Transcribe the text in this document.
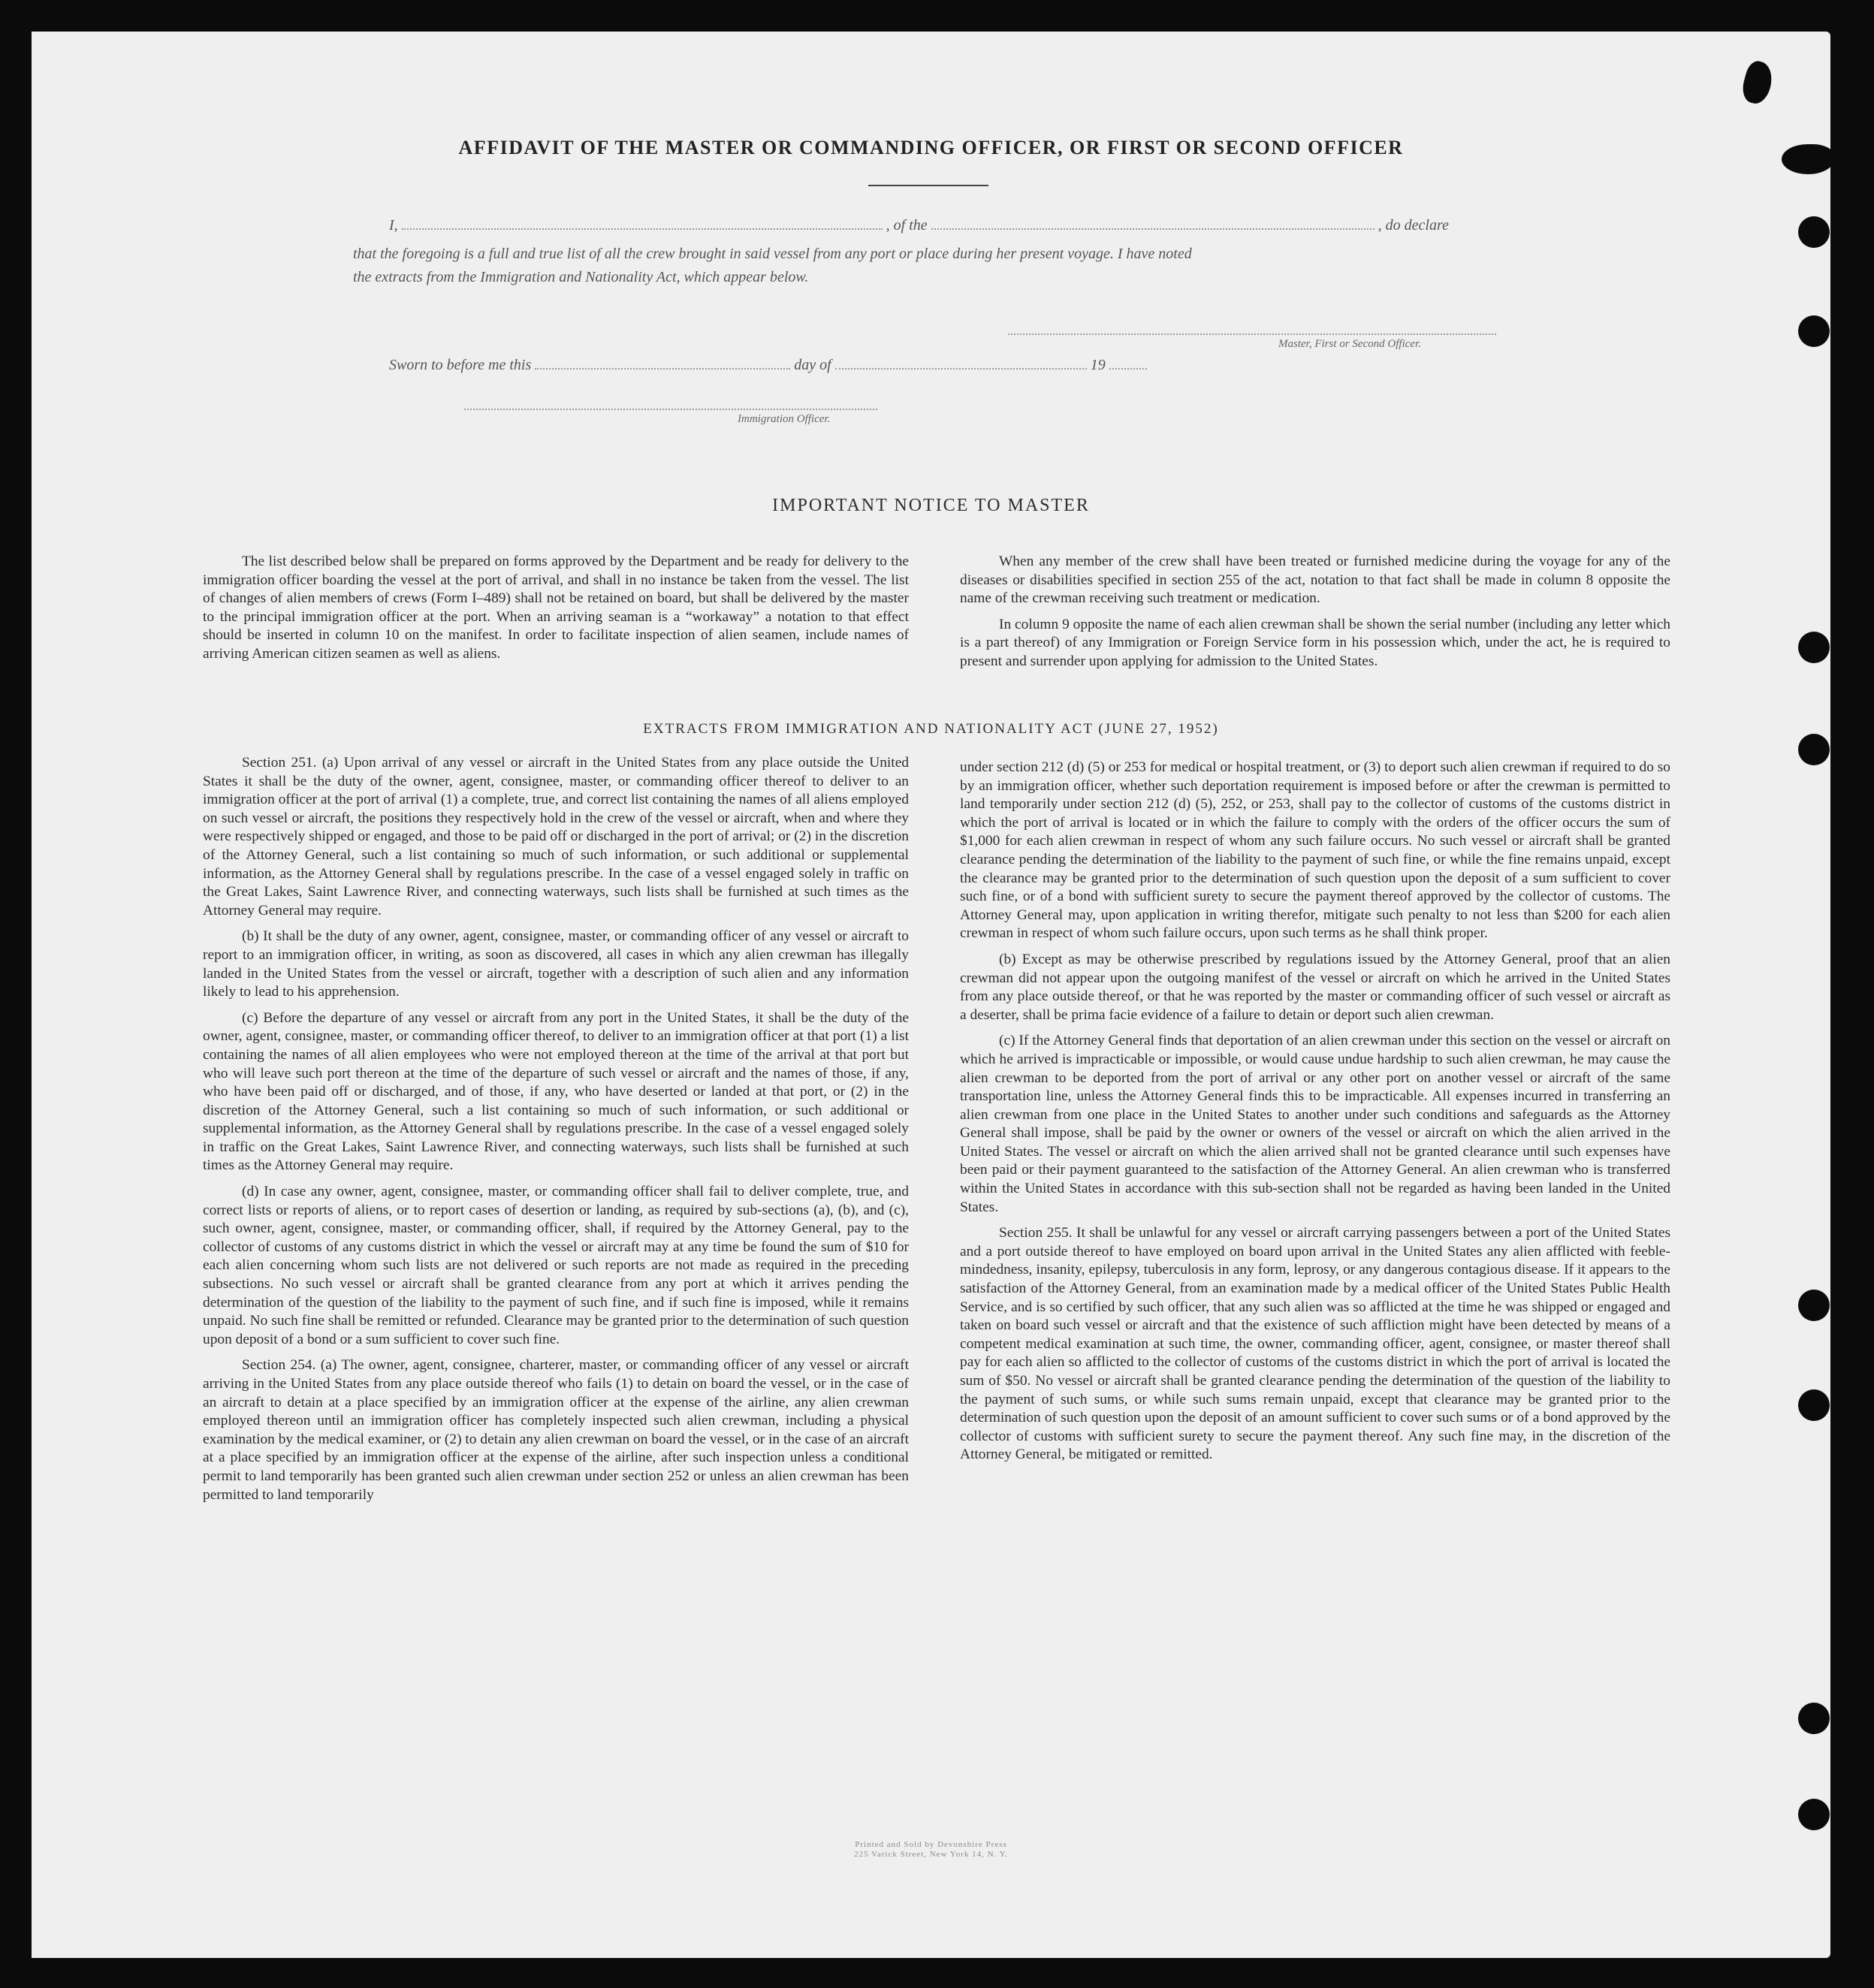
AFFIDAVIT OF THE MASTER OR COMMANDING OFFICER, OR FIRST OR SECOND OFFICER
I,	, of the	, do declare
that the foregoing is a full and true list of all the crew brought in said vessel from any port or place during her present voyage. I have noted
the extracts from the Immigration and Nationality Act, which appear below.
Master, First or Second Officer.
Sworn to before me this	day of	19
Immigration Officer.
IMPORTANT NOTICE TO MASTER

The list described below shall be prepared on forms approved by the Department and be ready for delivery to the immigration officer boarding the vessel at the port of arrival, and shall in no instance be taken from the vessel. The list of changes of alien members of crews (Form I–489) shall not be retained on board, but shall be delivered by the master to the principal immigration officer at the port. When an arriving seaman is a “workaway” a notation to that effect should be inserted in column 10 on the manifest. In order to facilitate inspection of alien seamen, include names of arriving American citizen seamen as well as aliens.

When any member of the crew shall have been treated or furnished medicine during the voyage for any of the diseases or disabilities specified in section 255 of the act, notation to that fact shall be made in column 8 opposite the name of the crewman receiving such treatment or medication.

In column 9 opposite the name of each alien crewman shall be shown the serial number (including any letter which is a part thereof) of any Immigration or Foreign Service form in his possession which, under the act, he is required to present and surrender upon applying for admission to the United States.

EXTRACTS FROM IMMIGRATION AND NATIONALITY ACT (JUNE 27, 1952)

Section 251. (a) Upon arrival of any vessel or aircraft in the United States from any place outside the United States it shall be the duty of the owner, agent, consignee, master, or commanding officer thereof to deliver to an immigration officer at the port of arrival (1) a complete, true, and correct list containing the names of all aliens employed on such vessel or aircraft, the positions they respectively hold in the crew of the vessel or aircraft, when and where they were respectively shipped or engaged, and those to be paid off or discharged in the port of arrival; or (2) in the discretion of the Attorney General, such a list containing so much of such information, or such additional or supplemental information, as the Attorney General shall by regulations prescribe. In the case of a vessel engaged solely in traffic on the Great Lakes, Saint Lawrence River, and connecting waterways, such lists shall be furnished at such times as the Attorney General may require.

(b) It shall be the duty of any owner, agent, consignee, master, or commanding officer of any vessel or aircraft to report to an immigration officer, in writing, as soon as discovered, all cases in which any alien crewman has illegally landed in the United States from the vessel or aircraft, together with a description of such alien and any information likely to lead to his apprehension.

(c) Before the departure of any vessel or aircraft from any port in the United States, it shall be the duty of the owner, agent, consignee, master, or commanding officer thereof, to deliver to an immigration officer at that port (1) a list containing the names of all alien employees who were not employed thereon at the time of the arrival at that port but who will leave such port thereon at the time of the departure of such vessel or aircraft and the names of those, if any, who have been paid off or discharged, and of those, if any, who have deserted or landed at that port, or (2) in the discretion of the Attorney General, such a list containing so much of such information, or such additional or supplemental information, as the Attorney General shall by regulations prescribe. In the case of a vessel engaged solely in traffic on the Great Lakes, Saint Lawrence River, and connecting waterways, such lists shall be furnished at such times as the Attorney General may require.

(d) In case any owner, agent, consignee, master, or commanding officer shall fail to deliver complete, true, and correct lists or reports of aliens, or to report cases of desertion or landing, as required by sub-sections (a), (b), and (c), such owner, agent, consignee, master, or commanding officer, shall, if required by the Attorney General, pay to the collector of customs of any customs district in which the vessel or aircraft may at any time be found the sum of $10 for each alien concerning whom such lists are not delivered or such reports are not made as required in the preceding subsections. No such vessel or aircraft shall be granted clearance from any port at which it arrives pending the determination of the question of the liability to the payment of such fine, and if such fine is imposed, while it remains unpaid. No such fine shall be remitted or refunded. Clearance may be granted prior to the determination of such question upon deposit of a bond or a sum sufficient to cover such fine.

Section 254. (a) The owner, agent, consignee, charterer, master, or commanding officer of any vessel or aircraft arriving in the United States from any place outside thereof who fails (1) to detain on board the vessel, or in the case of an aircraft to detain at a place specified by an immigration officer at the expense of the airline, any alien crewman employed thereon until an immigration officer has completely inspected such alien crewman, including a physical examination by the medical examiner, or (2) to detain any alien crewman on board the vessel, or in the case of an aircraft at a place specified by an immigration officer at the expense of the airline, after such inspection unless a conditional permit to land temporarily has been granted such alien crewman under section 252 or unless an alien crewman has been permitted to land temporarily

under section 212 (d) (5) or 253 for medical or hospital treatment, or (3) to deport such alien crewman if required to do so by an immigration officer, whether such deportation requirement is imposed before or after the crewman is permitted to land temporarily under section 212 (d) (5), 252, or 253, shall pay to the collector of customs of the customs district in which the port of arrival is located or in which the failure to comply with the orders of the officer occurs the sum of $1,000 for each alien crewman in respect of whom any such failure occurs. No such vessel or aircraft shall be granted clearance pending the determination of the liability to the payment of such fine, or while the fine remains unpaid, except the clearance may be granted prior to the determination of such question upon the deposit of a sum sufficient to cover such fine, or of a bond with sufficient surety to secure the payment thereof approved by the collector of customs. The Attorney General may, upon application in writing therefor, mitigate such penalty to not less than $200 for each alien crewman in respect of whom such failure occurs, upon such terms as he shall think proper.

(b) Except as may be otherwise prescribed by regulations issued by the Attorney General, proof that an alien crewman did not appear upon the outgoing manifest of the vessel or aircraft on which he arrived in the United States from any place outside thereof, or that he was reported by the master or commanding officer of such vessel or aircraft as a deserter, shall be prima facie evidence of a failure to detain or deport such alien crewman.

(c) If the Attorney General finds that deportation of an alien crewman under this section on the vessel or aircraft on which he arrived is impracticable or impossible, or would cause undue hardship to such alien crewman, he may cause the alien crewman to be deported from the port of arrival or any other port on another vessel or aircraft of the same transportation line, unless the Attorney General finds this to be impracticable. All expenses incurred in transferring an alien crewman from one place in the United States to another under such conditions and safeguards as the Attorney General shall impose, shall be paid by the owner or owners of the vessel or aircraft on which the alien arrived in the United States. The vessel or aircraft on which the alien arrived shall not be granted clearance until such expenses have been paid or their payment guaranteed to the satisfaction of the Attorney General. An alien crewman who is transferred within the United States in accordance with this sub-section shall not be regarded as having been landed in the United States.

Section 255. It shall be unlawful for any vessel or aircraft carrying passengers between a port of the United States and a port outside thereof to have employed on board upon arrival in the United States any alien afflicted with feeble-mindedness, insanity, epilepsy, tuberculosis in any form, leprosy, or any dangerous contagious disease. If it appears to the satisfaction of the Attorney General, from an examination made by a medical officer of the United States Public Health Service, and is so certified by such officer, that any such alien was so afflicted at the time he was shipped or engaged and taken on board such vessel or aircraft and that the existence of such affliction might have been detected by means of a competent medical examination at such time, the owner, commanding officer, agent, consignee, or master thereof shall pay for each alien so afflicted to the collector of customs of the customs district in which the port of arrival is located the sum of $50. No vessel or aircraft shall be granted clearance pending the determination of the question of the liability to the payment of such sums, or while such sums remain unpaid, except that clearance may be granted prior to the determination of such question upon the deposit of an amount sufficient to cover such sums or of a bond approved by the collector of customs with sufficient surety to secure the payment thereof. Any such fine may, in the discretion of the Attorney General, be mitigated or remitted.

Printed and Sold by Devonshire Press
225 Varick Street, New York 14, N. Y.
